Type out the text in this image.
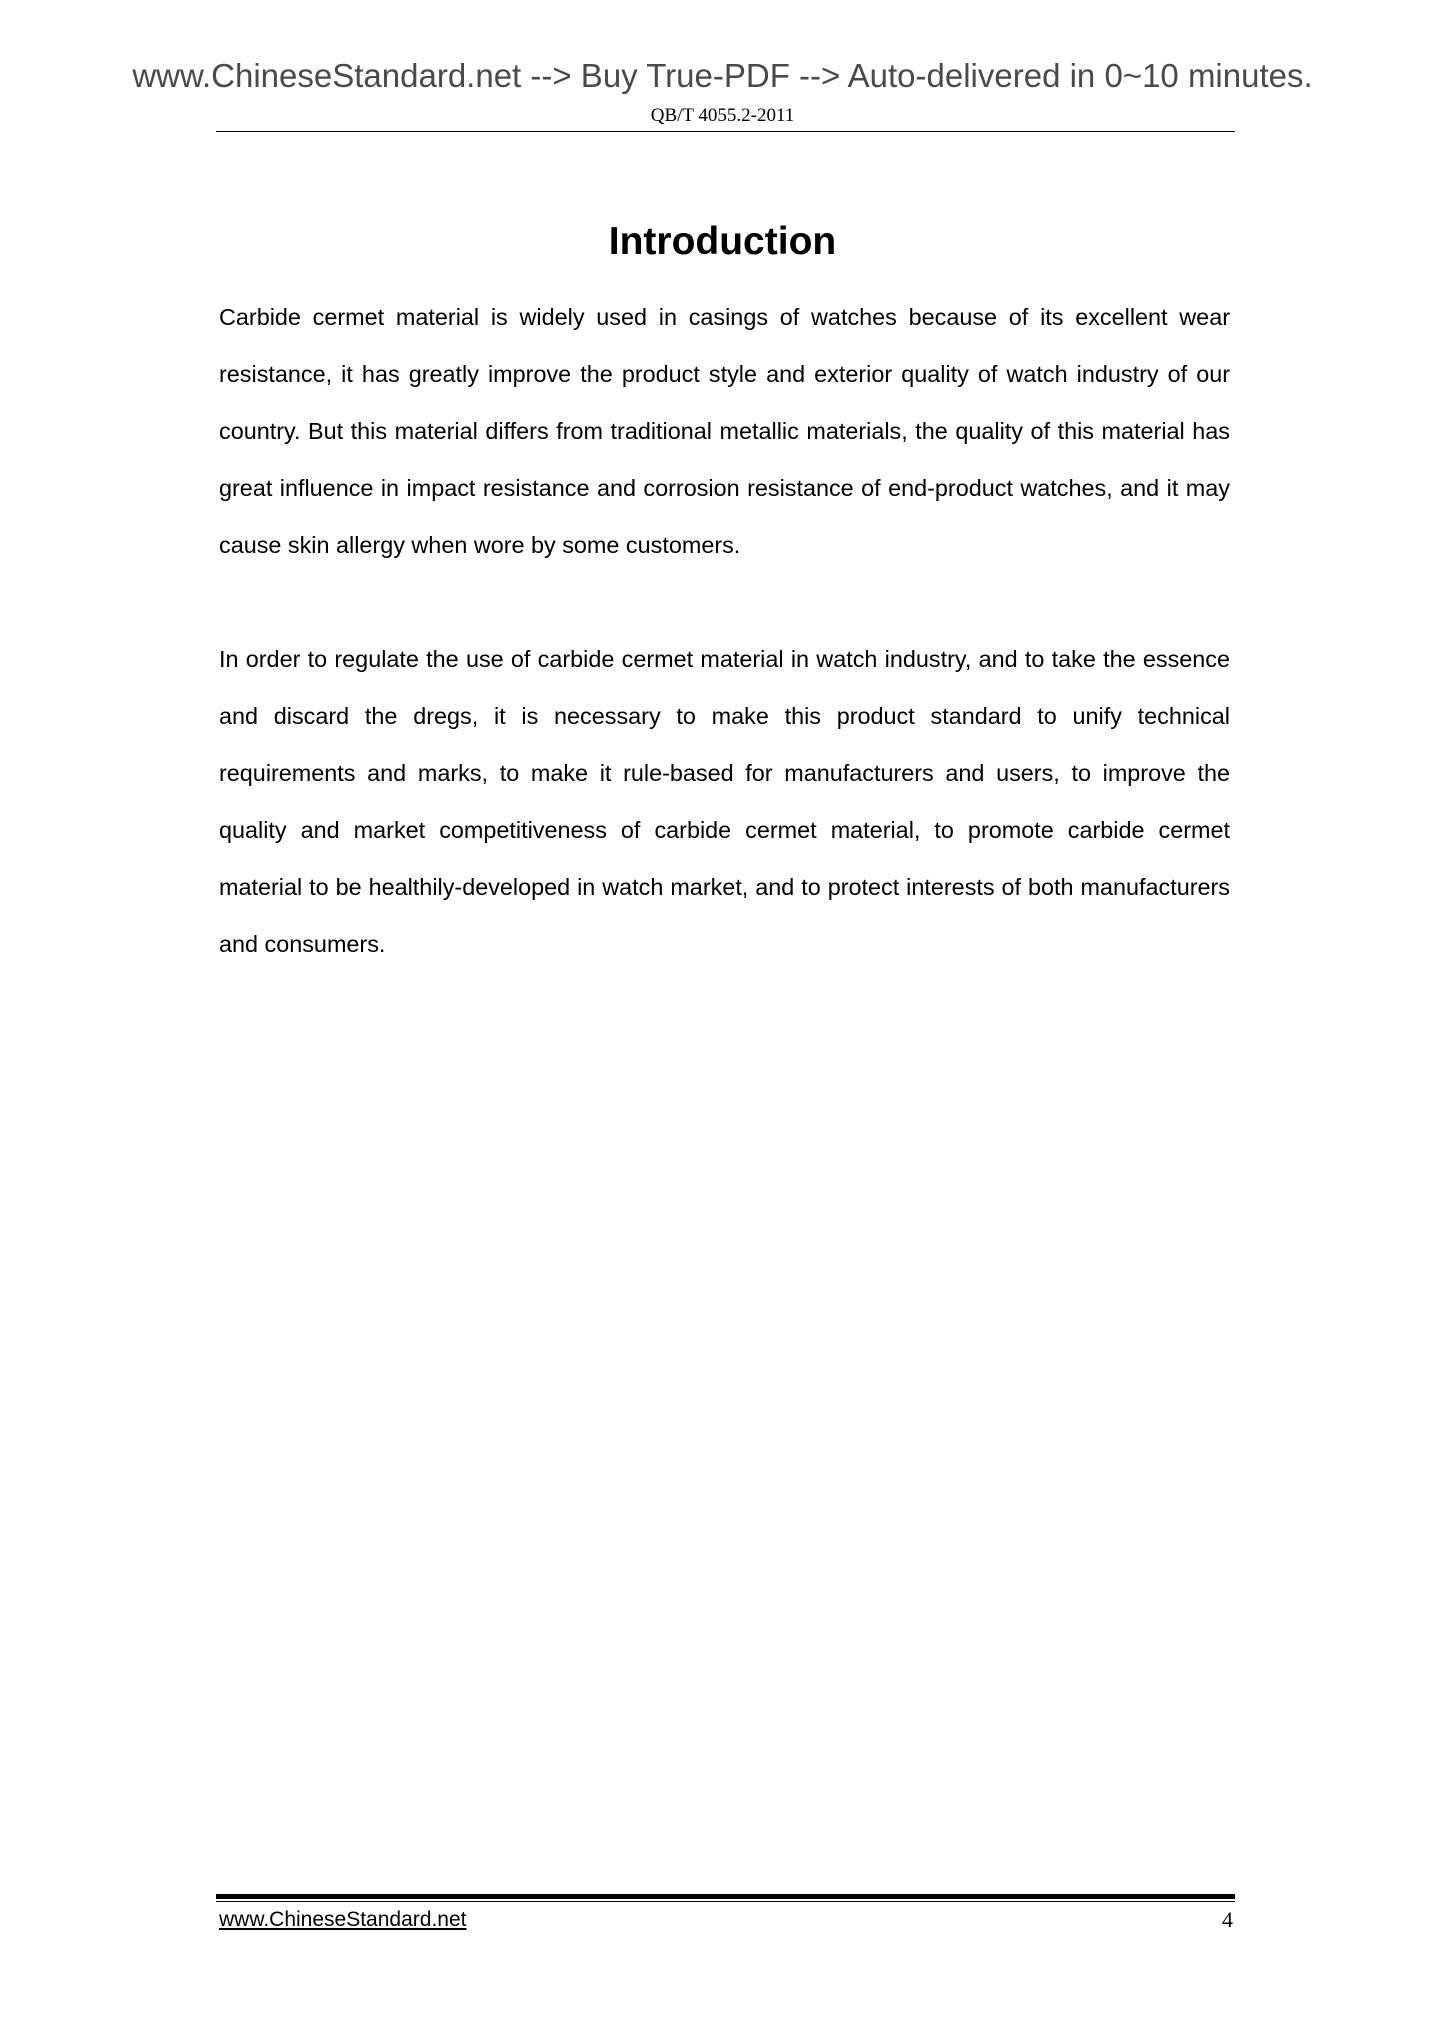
www.ChineseStandard.net --> Buy True-PDF --> Auto-delivered in 0~10 minutes.
QB/T 4055.2-2011
Introduction

Carbide cermet material is widely used in casings of watches because of its excellent wear resistance, it has greatly improve the product style and exterior quality of watch industry of our country. But this material differs from traditional metallic materials, the quality of this material has great influence in impact resistance and corrosion resistance of end-product watches, and it may cause skin allergy when wore by some customers.

In order to regulate the use of carbide cermet material in watch industry, and to take the essence and discard the dregs, it is necessary to make this product standard to unify technical requirements and marks, to make it rule-based for manufacturers and users, to improve the quality and market competitiveness of carbide cermet material, to promote carbide cermet material to be healthily-developed in watch market, and to protect interests of both manufacturers and consumers.

www.ChineseStandard.net	4
